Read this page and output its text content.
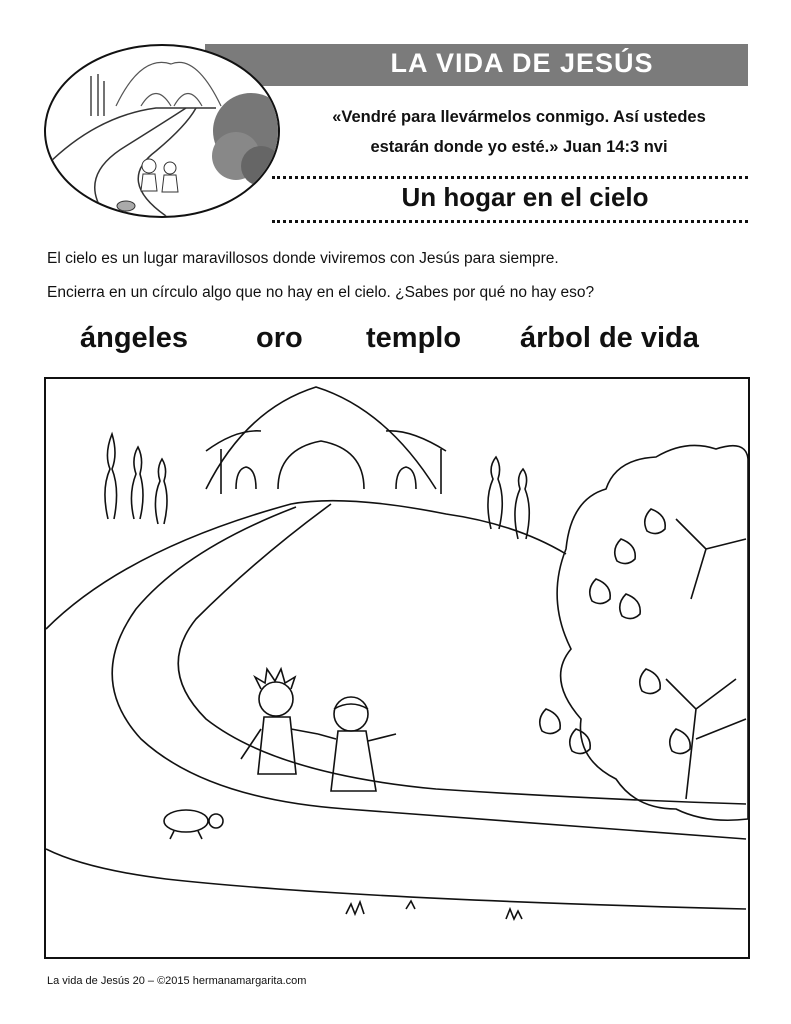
LA VIDA DE JESÚS
«Vendré para llevármelos conmigo. Así ustedes
estarán donde yo esté.» Juan 14:3 nvi
Un hogar en el cielo
El cielo es un lugar maravillosos donde viviremos con Jesús para siempre.
Encierra en un círculo algo que no hay en el cielo. ¿Sabes por qué no hay eso?
ángeles oro templo árbol de vida
La vida de Jesús 20 – ©2015 hermanamargarita.com
